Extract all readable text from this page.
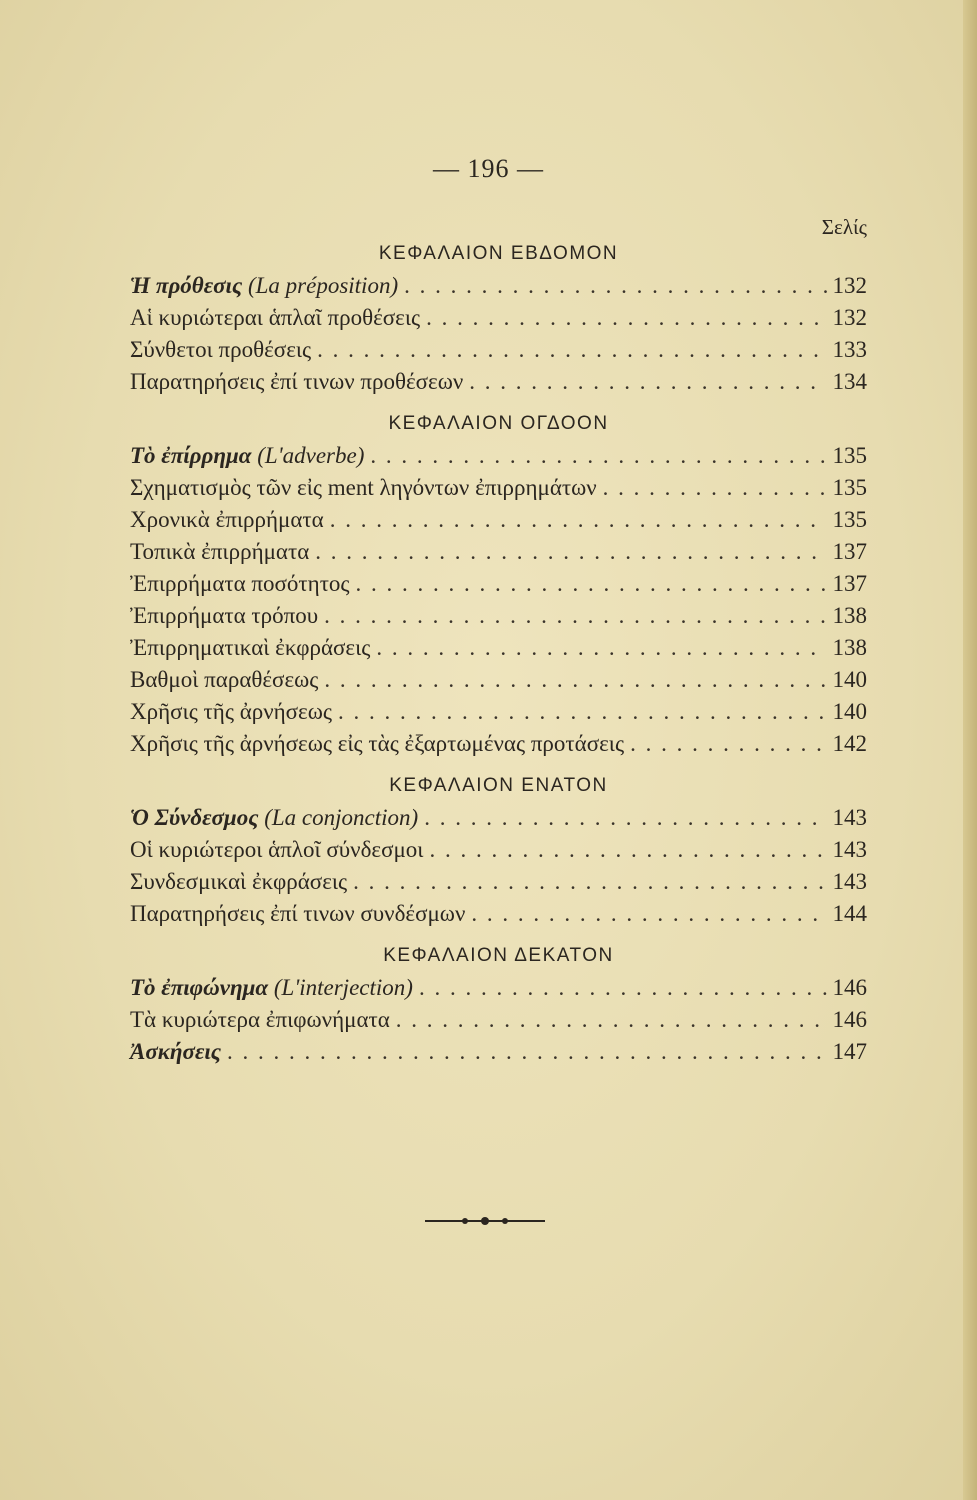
— 196 —
Σελίς
ΚΕΦΑΛΑΙΟΝ ΕΒΔΟΜΟΝ
Ἡ πρόθεσις (La préposition) . . .	132
Αἱ κυριώτεραι ἁπλαῖ προθέσεις . . .	132
Σύνθετοι προθέσεις . . .	133
Παρατηρήσεις ἐπί τινων προθέσεων . . .	134
ΚΕΦΑΛΑΙΟΝ ΟΓΔΟΟΝ
Τὸ ἐπίρρημα (L'adverbe) . . .	135
Σχηματισμὸς τῶν εἰς ment ληγόντων ἐπιρρημάτων . . .	135
Χρονικὰ ἐπιρρήματα . . .	135
Τοπικὰ ἐπιρρήματα . . .	137
Ἐπιρρήματα ποσότητος . . .	137
Ἐπιρρήματα τρόπου . . .	138
Ἐπιρρηματικαὶ ἐκφράσεις . . .	138
Βαθμοὶ παραθέσεως . . .	140
Χρῆσις τῆς ἀρνήσεως . . .	140
Χρῆσις τῆς ἀρνήσεως εἰς τὰς ἐξαρτωμένας προτάσεις . . .	142
ΚΕΦΑΛΑΙΟΝ ΕΝΑΤΟΝ
Ὁ Σύνδεσμος (La conjonction) . . .	143
Οἱ κυριώτεροι ἁπλοῖ σύνδεσμοι . . .	143
Συνδεσμικαὶ ἐκφράσεις . . .	143
Παρατηρήσεις ἐπί τινων συνδέσμων . . .	144
ΚΕΦΑΛΑΙΟΝ ΔΕΚΑΤΟΝ
Τὸ ἐπιφώνημα (L'interjection) . . .	146
Τὰ κυριώτερα ἐπιφωνήματα . . .	146
Ἀσκήσεις . . .	147
